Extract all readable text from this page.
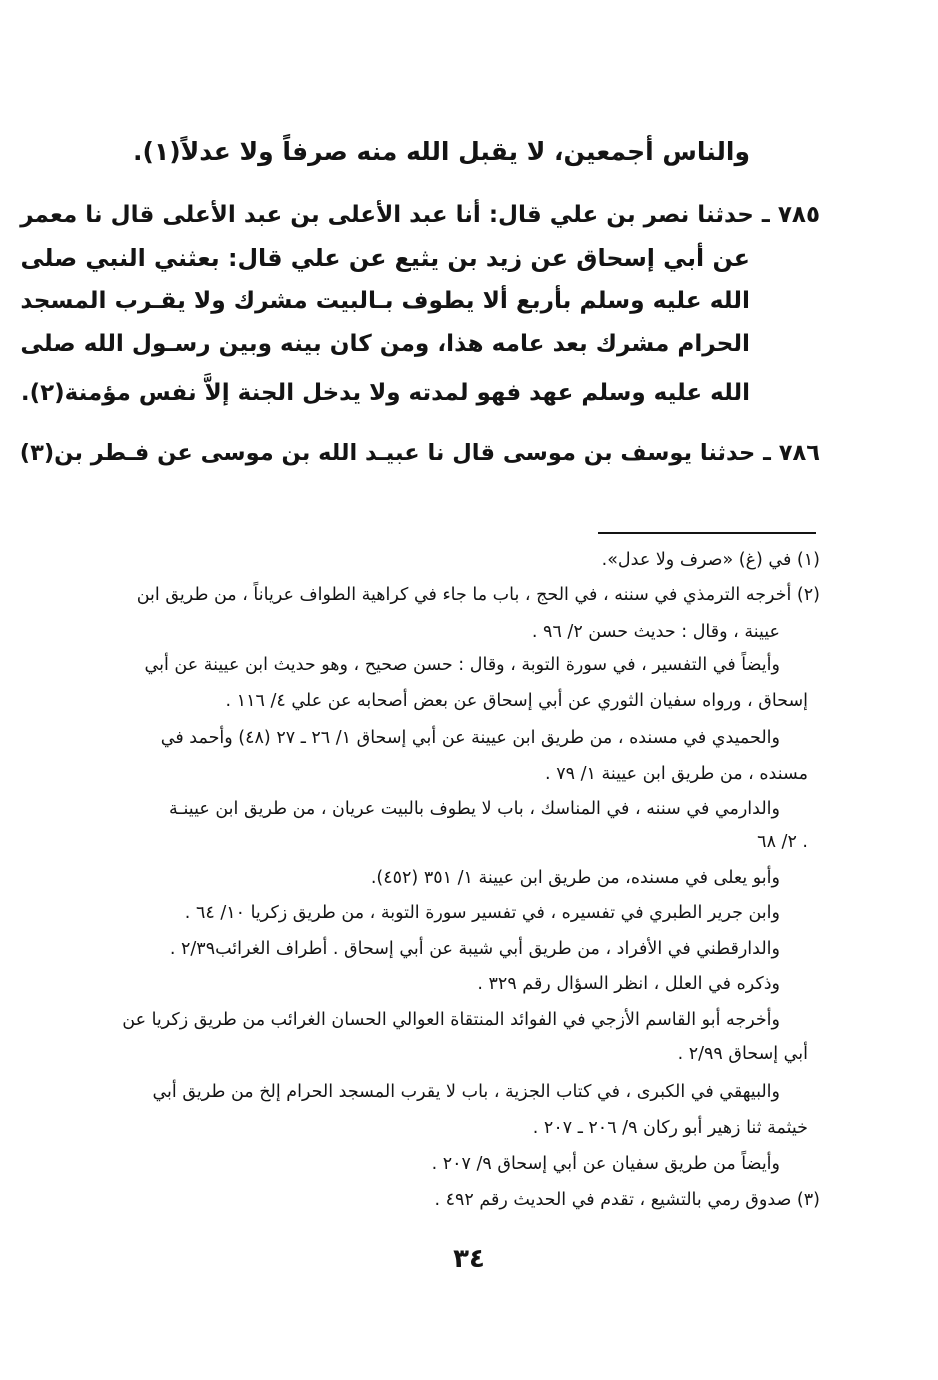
والناس أجمعين، لا يقبل الله منه صرفاً ولا عدلاً(١).
٧٨٥ ـ حدثنا نصر بن علي قال: أنا عبد الأعلى بن عبد الأعلى قال نا معمر
عن أبي إسحاق عن زيد بن يثيع عن علي قال: بعثني النبي صلى
الله عليه وسلم بأربع ألا يطوف بـالبيت مشرك ولا يقـرب المسجد
الحرام مشرك بعد عامه هذا، ومن كان بينه وبين رسـول الله صلى
الله عليه وسلم عهد فهو لمدته ولا يدخل الجنة إلاَّ نفس مؤمنة(٢).
٧٨٦ ـ حدثنا يوسف بن موسى قال نا عبيـد الله بن موسى عن فـطر بن(٣)
(١) في (غ) «صرف ولا عدل».
(٢) أخرجه الترمذي في سننه ، في الحج ، باب ما جاء في كراهية الطواف عرياناً ، من طريق ابن
عيينة ، وقال : حديث حسن ٢/ ٩٦ .
وأيضاً في التفسير ، في سورة التوبة ، وقال : حسن صحيح ، وهو حديث ابن عيينة عن أبي
إسحاق ، ورواه سفيان الثوري عن أبي إسحاق عن بعض أصحابه عن علي ٤/ ١١٦ .
والحميدي في مسنده ، من طريق ابن عيينة عن أبي إسحاق ١/ ٢٦ ـ ٢٧ (٤٨) وأحمد في
مسنده ، من طريق ابن عيينة ١/ ٧٩ .
والدارمي في سننه ، في المناسك ، باب لا يطوف بالبيت عريان ، من طريق ابن عيينـة
٢/ ٦٨ .
وأبو يعلى في مسنده، من طريق ابن عيينة ١/ ٣٥١ (٤٥٢).
وابن جرير الطبري في تفسيره ، في تفسير سورة التوبة ، من طريق زكريا ١٠/ ٦٤ .
والدارقطني في الأفراد ، من طريق أبي شيبة عن أبي إسحاق . أطراف الغرائب٢/٣٩ .
وذكره في العلل ، انظر السؤال رقم ٣٢٩ .
وأخرجه أبو القاسم الأزجي في الفوائد المنتقاة العوالي الحسان الغرائب من طريق زكريا عن
أبي إسحاق ٢/٩٩ .
والبيهقي في الكبرى ، في كتاب الجزية ، باب لا يقرب المسجد الحرام إلخ من طريق أبي
خيثمة ثنا زهير أبو ركان ٩/ ٢٠٦ ـ ٢٠٧ .
وأيضاً من طريق سفيان عن أبي إسحاق ٩/ ٢٠٧ .
(٣) صدوق رمي بالتشيع ، تقدم في الحديث رقم ٤٩٢ .
٣٤
